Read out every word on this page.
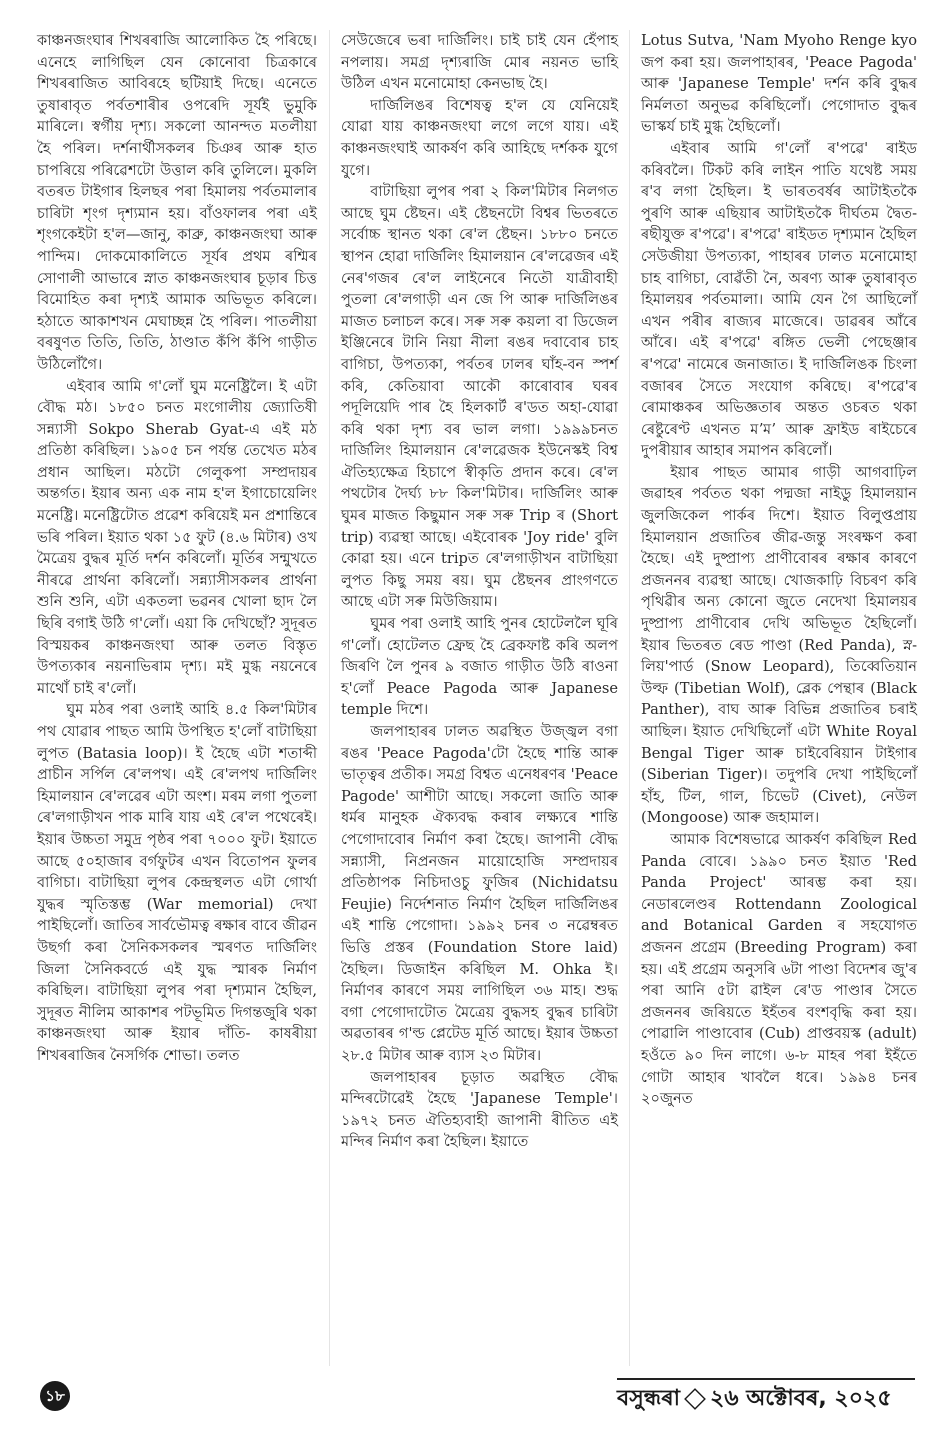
কাঞ্চনজংঘাৰ শিখৰৰাজি আলোকিত হৈ পৰিছে। এনেহে লাগিছিল যেন কোনোবা চিত্ৰকাৰে শিখৰৰাজিত আবিৰহে ছটিয়াই দিছে। এনেতে তুষাৰাবৃত পৰ্বতশাৰীৰ ওপৰেদি সূৰ্যই ভুমুকি মাৰিলে। স্বৰ্গীয় দৃশ্য। সকলো আনন্দত মতলীয়া হৈ পৰিল। দৰ্শনাৰ্থীসকলৰ চিঞৰ আৰু হাত চাপৰিয়ে পৰিৱেশটো উত্তাল কৰি তুলিলে। মুকলি বতৰত টাইগাৰ হিলছৰ পৰা হিমালয় পৰ্বতমালাৰ চাৰিটা শৃংগ দৃশ্যমান হয়। বাঁওফালৰ পৰা এই শৃংগকেইটা হ'ল—জানু, কাব্রু, কাঞ্চনজংঘা আৰু পান্দিম। দোকমোকালিতে সূৰ্যৰ প্ৰথম ৰশ্মিৰ সোণালী আভাৰে স্নাত কাঞ্চনজংঘাৰ চূড়াৰ চিত্ত বিমোহিত কৰা দৃশ্যই আমাক অভিভূত কৰিলে। হঠাতে আকাশখন মেঘাচ্ছন্ন হৈ পৰিল। পাতলীয়া বৰষুণত তিতি, তিতি, ঠাণ্ডাত কঁপি কঁপি গাড়ীত উঠিলোঁগৈ।

এইবাৰ আমি গ'লোঁ ঘুম মনেষ্ট্ৰিলৈ। ই এটা বৌদ্ধ মঠ। ১৮৫০ চনত মংগোলীয় জ্যোতিষী সন্ন্যাসী Sokpo Sherab Gyat-এ এই মঠ প্ৰতিষ্ঠা কৰিছিল। ১৯০৫ চন পৰ্যন্ত তেখেত মঠৰ প্ৰধান আছিল। মঠটো গেলুকপা সম্প্ৰদায়ৰ অন্তৰ্গত। ইয়াৰ অন্য এক নাম হ'ল ইগাচোয়েলিং মনেষ্ট্ৰি। মনেষ্ট্ৰিটোত প্ৰৱেশ কৰিয়েই মন প্ৰশান্তিৰে ভৰি পৰিল। ইয়াত থকা ১৫ ফুট (৪.৬ মিটাৰ) ওখ মৈত্ৰেয় বুদ্ধৰ মূৰ্তি দৰ্শন কৰিলোঁ। মূৰ্তিৰ সন্মুখতে নীৰৱে প্ৰাৰ্থনা কৰিলোঁ। সন্ন্যাসীসকলৰ প্ৰাৰ্থনা শুনি শুনি, এটা একতলা ভৱনৰ খোলা ছাদ লৈ ছিৰি বগাই উঠি গ'লোঁ। এয়া কি দেখিছোঁ? সুদূৰত বিস্ময়কৰ কাঞ্চনজংঘা আৰু তলত বিস্তৃত উপত্যকাৰ নয়নাভিৰাম দৃশ্য। মই মুগ্ধ নয়নেৰে মাথোঁ চাই ৰ'লোঁ।

ঘুম মঠৰ পৰা ওলাই আহি ৪.৫ কিল'মিটাৰ পথ যোৱাৰ পাছত আমি উপস্থিত হ'লোঁ বাটাছিয়া লুপত (Batasia loop)। ই হৈছে এটা শতাব্দী প্ৰাচীন সৰ্পিল ৰে'লপথ। এই ৰে'লপথ দাৰ্জিলিং হিমালয়ান ৰে'লৱেৰ এটা অংশ। মৰম লগা পুতলা ৰে'লগাড়ীখন পাক মাৰি যায় এই ৰে'ল পথেৰেই। ইয়াৰ উচ্চতা সমুদ্ৰ পৃষ্ঠৰ পৰা ৭০০০ ফুট। ইয়াতে আছে ৫০হাজাৰ বৰ্গফুটৰ এখন বিতোপন ফুলৰ বাগিচা। বাটাছিয়া লুপৰ কেন্দ্ৰস্থলত এটা গোৰ্খা যুদ্ধৰ স্মৃতিস্তম্ভ (War memorial) দেখা পাইছিলোঁ। জাতিৰ সাৰ্বভৌমত্ব ৰক্ষাৰ বাবে জীৱন উছৰ্গা কৰা সৈনিকসকলৰ স্মৰণত দাৰ্জিলিং জিলা সৈনিকবৰ্ডে এই যুদ্ধ স্মাৰক নিৰ্মাণ কৰিছিল। বাটাছিয়া লুপৰ পৰা দৃশ্যমান হৈছিল, সুদূৰত নীলিম আকাশৰ পটভূমিত দিগন্তজুৰি থকা কাঞ্চনজংঘা আৰু ইয়াৰ দাঁতি- কাষৰীয়া শিখৰৰাজিৰ নৈসৰ্গিক শোভা। তলত

সেউজেৰে ভৰা দাৰ্জিলিং। চাই চাই যেন হেঁপাহ নপলায়। সমগ্ৰ দৃশ্যৰাজি মোৰ নয়নত ভাহি উঠিল এখন মনোমোহা কেনভাছ হৈ।

দাৰ্জিলিঙৰ বিশেষত্ব হ'ল যে যেনিয়েই যোৱা যায় কাঞ্চনজংঘা লগে লগে যায়। এই কাঞ্চনজংঘাই আকৰ্ষণ কৰি আহিছে দৰ্শকক যুগে যুগে।

বাটাছিয়া লুপৰ পৰা ২ কিল'মিটাৰ নিলগত আছে ঘুম ষ্টেছন। এই ষ্টেছনটো বিশ্বৰ ভিতৰতে সৰ্বোচ্চ স্থানত থকা ৰে'ল ষ্টেছন। ১৮৮০ চনতে স্থাপন হোৱা দাৰ্জিলিং হিমালয়ান ৰে'লৱেজৰ এই নেৰ'গজৰ ৰে'ল লাইনেৰে নিতৌ যাত্ৰীবাহী পুতলা ৰে'লগাড়ী এন জে পি আৰু দাৰ্জিলিঙৰ মাজত চলাচল কৰে। সৰু সৰু কয়লা বা ডিজেল ইঞ্জিনেৰে টানি নিয়া নীলা ৰঙৰ দবাবোৰ চাহ বাগিচা, উপত্যকা, পৰ্বতৰ ঢালৰ ঘাঁহ-বন স্পৰ্শ কৰি, কেতিয়াবা আকৌ কাৰোবাৰ ঘৰৰ পদূলিয়েদি পাৰ হৈ হিলকাৰ্ট ৰ'ডত অহা-যোৱা কৰি থকা দৃশ্য বৰ ভাল লগা। ১৯৯৯চনত দাৰ্জিলিং হিমালয়ান ৰে'লৱেজক ইউনেস্কই বিশ্ব ঐতিহ্যক্ষেত্ৰ হিচাপে স্বীকৃতি প্ৰদান কৰে। ৰে'ল পথটোৰ দৈৰ্ঘ্য ৮৮ কিল'মিটাৰ। দাৰ্জিলিং আৰু ঘুমৰ মাজত কিছুমান সৰু সৰু Trip ৰ (Short trip) ব্যৱস্থা আছে। এইবোৰক 'Joy ride' বুলি কোৱা হয়। এনে tripত ৰে'লগাড়ীখন বাটাছিয়া লুপত কিছু সময় ৰয়। ঘুম ষ্টেছনৰ প্ৰাংগণতে আছে এটা সৰু মিউজিয়াম।

ঘুমৰ পৰা ওলাই আহি পুনৰ হোটেললৈ ঘূৰি গ'লোঁ। হোটেলত ফ্ৰেছ হৈ ব্ৰেকফাষ্ট কৰি অলপ জিৰণি লৈ পুনৰ ৯ বজাত গাড়ীত উঠি ৰাওনা হ'লোঁ Peace Pagoda আৰু Japanese temple দিশে।

জলপাহাৰৰ ঢালত অৱস্থিত উজ্জ্বল বগা ৰঙৰ 'Peace Pagoda'টো হৈছে শান্তি আৰু ভাতৃত্বৰ প্ৰতীক। সমগ্ৰ বিশ্বত এনেধৰণৰ 'Peace Pagode' আশীটা আছে। সকলো জাতি আৰু ধৰ্মৰ মানুহক ঐক্যবদ্ধ কৰাৰ লক্ষ্যৰে শান্তি পেগোদাবোৰ নিৰ্মাণ কৰা হৈছে। জাপানী বৌদ্ধ সন্ন্যাসী, নিপ্ৰনজন মায়োহোজি সম্প্ৰদায়ৰ প্ৰতিষ্ঠাপক নিচিদাওচু ফুজিৰ (Nichidatsu Feujie) নিৰ্দেশনাত নিৰ্মাণ হৈছিল দাৰ্জিলিঙৰ এই শান্তি পেগোদা। ১৯৯২ চনৰ ৩ নৱেম্বৰত ভিত্তি প্ৰস্তৰ (Foundation Store laid) হৈছিল। ডিজাইন কৰিছিল M. Ohka ই। নিৰ্মাণৰ কাৰণে সময় লাগিছিল ৩৬ মাহ। শুদ্ধ বগা পেগোদাটোত মৈত্ৰেয় বুদ্ধসহ বুদ্ধৰ চাৰিটা অৱতাৰৰ গ'ল্ড প্লেটেড মূৰ্তি আছে। ইয়াৰ উচ্চতা ২৮.৫ মিটাৰ আৰু ব্যাস ২৩ মিটাৰ।

জলপাহাৰৰ চূড়াত অৱস্থিত বৌদ্ধ মন্দিৰটোৱেই হৈছে 'Japanese Temple'। ১৯৭২ চনত ঐতিহ্যবাহী জাপানী ৰীতিত এই মন্দিৰ নিৰ্মাণ কৰা হৈছিল। ইয়াতে

Lotus Sutva, 'Nam Myoho Renge kyo জপ কৰা হয়। জলপাহাৰৰ, 'Peace Pagoda' আৰু 'Japanese Temple' দৰ্শন কৰি বুদ্ধৰ নিৰ্মলতা অনুভৱ কৰিছিলোঁ। পেগোদাত বুদ্ধৰ ভাস্কৰ্য চাই মুগ্ধ হৈছিলোঁ।

এইবাৰ আমি গ'লোঁ ৰ'পৱে' ৰাইড কৰিবলৈ। টিকট কৰি লাইন পাতি যথেষ্ট সময় ৰ'ব লগা হৈছিল। ই ভাৰতবৰ্ষৰ আটাইতকৈ পুৰণি আৰু এছিয়াৰ আটাইতকৈ দীৰ্ঘতম দ্বৈত-ৰছীযুক্ত ৰ'পৱে'। ৰ'পৱে' ৰাইডত দৃশ্যমান হৈছিল সেউজীয়া উপত্যকা, পাহাৰৰ ঢালত মনোমোহা চাহ বাগিচা, বোৱঁতী নৈ, অৰণ্য আৰু তুষাৰাবৃত হিমালয়ৰ পৰ্বতমালা। আমি যেন গৈ আছিলোঁ এখন পৰীৰ ৰাজ্যৰ মাজেৰে। ডাৱৰৰ আঁৰে আঁৰে। এই ৰ'পৱে' ৰঙ্গিত ভেলী পেছেঞ্জাৰ ৰ'পৱে' নামেৰে জনাজাত। ই দাৰ্জিলিঙক চিংলা বজাৰৰ সৈতে সংযোগ কৰিছে। ৰ'পৱে'ৰ ৰোমাঞ্চকৰ অভিজ্ঞতাৰ অন্তত ওচৰত থকা ৰেষ্টুৰেণ্ট এখনত মʼমʼ আৰু ফ্ৰাইড ৰাইচেৰে দুপৰীয়াৰ আহাৰ সমাপন কৰিলোঁ।

ইয়াৰ পাছত আমাৰ গাড়ী আগবাঢ়িল জৱাহৰ পৰ্বতত থকা পদ্মজা নাইডু হিমালয়ান জুলজিকেল পাৰ্কৰ দিশে। ইয়াত বিলুপ্তপ্ৰায় হিমালয়ান প্ৰজাতিৰ জীৱ-জন্তু সংৰক্ষণ কৰা হৈছে। এই দুষ্প্ৰাপ্য প্ৰাণীবোৰৰ ৰক্ষাৰ কাৰণে প্ৰজননৰ ব্যৱস্থা আছে। খোজকাঢ়ি বিচৰণ কৰি পৃথিৱীৰ অন্য কোনো জুতে নেদেখা হিমালয়ৰ দুষ্প্ৰাপ্য প্ৰাণীবোৰ দেখি অভিভূত হৈছিলোঁ। ইয়াৰ ভিতৰত ৰেড পাণ্ডা (Red Panda), স্ন-লিয়'পাৰ্ড (Snow Leopard), তিব্বেতিয়ান উল্ফ (Tibetian Wolf), ব্লেক পেন্থাৰ (Black Panther), বাঘ আৰু বিভিন্ন প্ৰজাতিৰ চৰাই আছিল। ইয়াত দেখিছিলোঁ এটা White Royal Bengal Tiger আৰু চাইবেৰিয়ান টাইগাৰ (Siberian Tiger)। তদুপৰি দেখা পাইছিলোঁ হাঁহ, টিল, গাল, চিভেট (Civet), নেউল (Mongoose) আৰু জহামাল।

আমাক বিশেষভাৱে আকৰ্ষণ কৰিছিল Red Panda বোৰে। ১৯৯০ চনত ইয়াত 'Red Panda Project' আৰম্ভ কৰা হয়। নেডাৰলেণ্ডৰ Rottendann Zoological and Botanical Garden ৰ সহযোগত প্ৰজনন প্ৰগ্ৰেম (Breeding Program) কৰা হয়। এই প্ৰগ্ৰেম অনুসৰি ৬টা পাণ্ডা বিদেশৰ জু'ৰ পৰা আনি ৫টা ৱাইল ৰে'ড পাণ্ডাৰ সৈতে প্ৰজননৰ জৰিয়তে ইহঁতৰ বংশবৃদ্ধি কৰা হয়। পোৱালি পাণ্ডাবোৰ (Cub) প্ৰাপ্তবয়স্ক (adult) হওঁতে ৯০ দিন লাগে। ৬-৮ মাহৰ পৰা ইহঁতে গোটা আহাৰ খাবলৈ ধৰে। ১৯৯৪ চনৰ ২০জুনত

১৮	বসুন্ধৰা ২৬ অক্টোবৰ, ২০২৫
